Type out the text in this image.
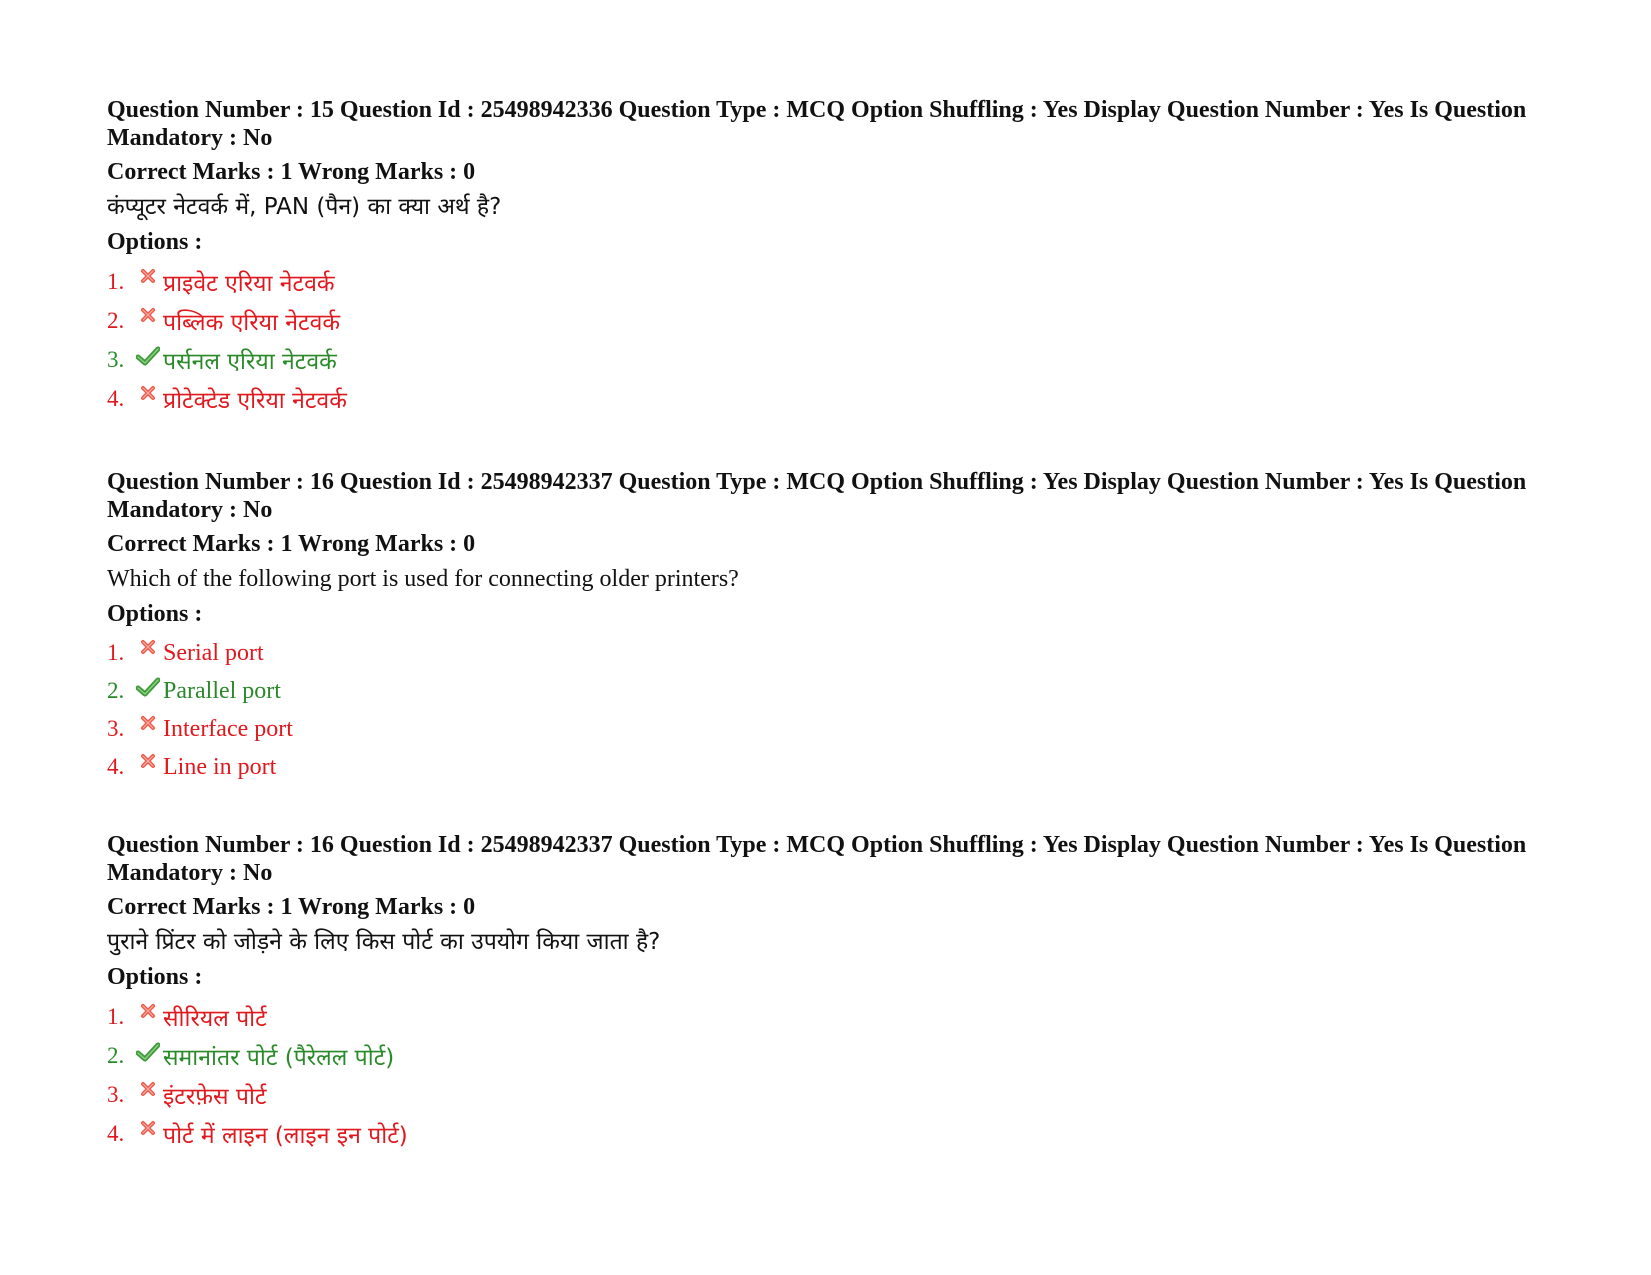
Question Number : 15 Question Id : 25498942336 Question Type : MCQ Option Shuffling : Yes Display Question Number : Yes Is Question Mandatory : No
Correct Marks : 1 Wrong Marks : 0
कंप्यूटर नेटवर्क में, PAN (पैन) का क्या अर्थ है?
Options :
1.	प्राइवेट एरिया नेटवर्क
2.	पब्लिक एरिया नेटवर्क
3.	पर्सनल एरिया नेटवर्क
4.	प्रोटेक्टेड एरिया नेटवर्क
Question Number : 16 Question Id : 25498942337 Question Type : MCQ Option Shuffling : Yes Display Question Number : Yes Is Question Mandatory : No
Correct Marks : 1 Wrong Marks : 0
Which of the following port is used for connecting older printers?
Options :
1.	Serial port
2.	Parallel port
3.	Interface port
4.	Line in port
Question Number : 16 Question Id : 25498942337 Question Type : MCQ Option Shuffling : Yes Display Question Number : Yes Is Question Mandatory : No
Correct Marks : 1 Wrong Marks : 0
पुराने प्रिंटर को जोड़ने के लिए किस पोर्ट का उपयोग किया जाता है?
Options :
1.	सीरियल पोर्ट
2.	समानांतर पोर्ट (पैरेलल पोर्ट)
3.	इंटरफ़ेस पोर्ट
4.	पोर्ट में लाइन (लाइन इन पोर्ट)
